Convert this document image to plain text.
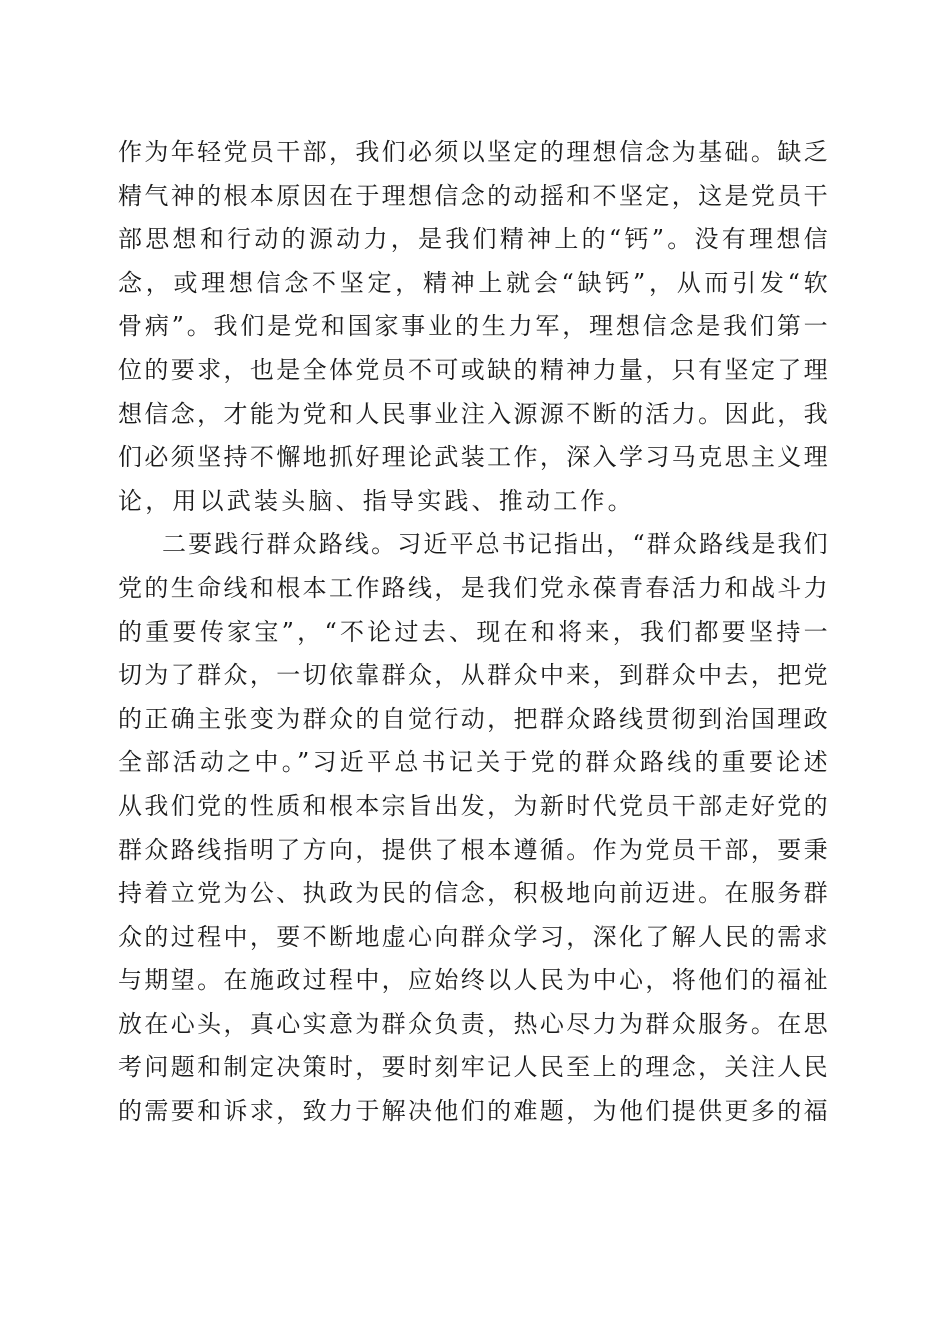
作为年轻党员干部，我们必须以坚定的理想信念为基础。缺乏
精气神的根本原因在于理想信念的动摇和不坚定，这是党员干
部思想和行动的源动力，是我们精神上的“钙”。没有理想信
念，或理想信念不坚定，精神上就会“缺钙”，从而引发“软
骨病”。我们是党和国家事业的生力军，理想信念是我们第一
位的要求，也是全体党员不可或缺的精神力量，只有坚定了理
想信念，才能为党和人民事业注入源源不断的活力。因此，我
们必须坚持不懈地抓好理论武装工作，深入学习马克思主义理
论，用以武装头脑、指导实践、推动工作。
二要践行群众路线。习近平总书记指出，“群众路线是我们
党的生命线和根本工作路线，是我们党永葆青春活力和战斗力
的重要传家宝”，“不论过去、现在和将来，我们都要坚持一
切为了群众，一切依靠群众，从群众中来，到群众中去，把党
的正确主张变为群众的自觉行动，把群众路线贯彻到治国理政
全部活动之中。”习近平总书记关于党的群众路线的重要论述
从我们党的性质和根本宗旨出发，为新时代党员干部走好党的
群众路线指明了方向，提供了根本遵循。作为党员干部，要秉
持着立党为公、执政为民的信念，积极地向前迈进。在服务群
众的过程中，要不断地虚心向群众学习，深化了解人民的需求
与期望。在施政过程中，应始终以人民为中心，将他们的福祉
放在心头，真心实意为群众负责，热心尽力为群众服务。在思
考问题和制定决策时，要时刻牢记人民至上的理念，关注人民
的需要和诉求，致力于解决他们的难题，为他们提供更多的福
